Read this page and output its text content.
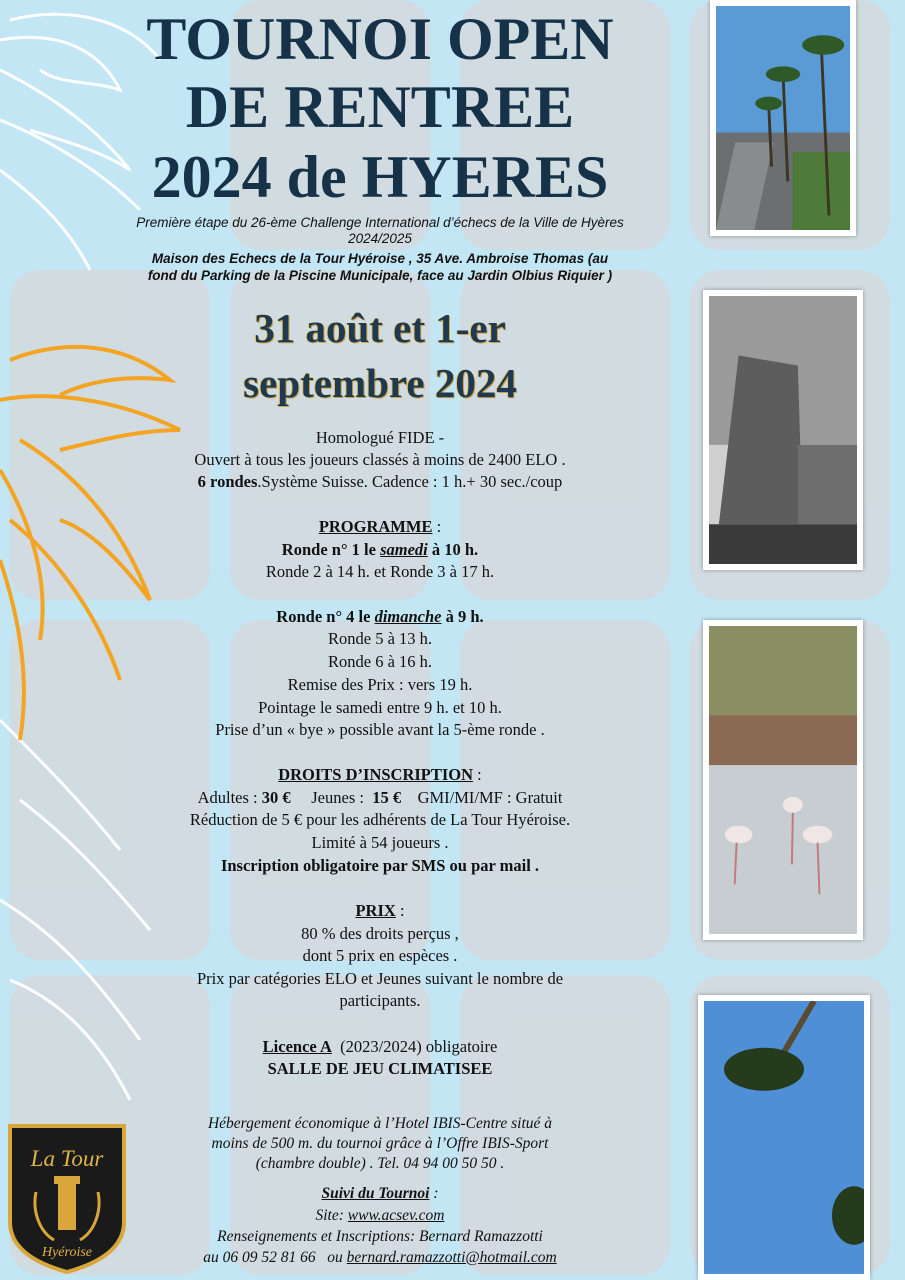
TOURNOI OPEN
DE RENTREE
2024 de HYERES
Première étape du 26-ème Challenge International d’échecs de la Ville de Hyères
2024/2025
Maison des Echecs de la Tour Hyéroise , 35 Ave. Ambroise Thomas (au
fond du Parking de la Piscine Municipale, face au Jardin Olbius Riquier )
31 août et 1-er
septembre 2024
Homologué FIDE -
Ouvert à tous les joueurs classés à moins de 2400 ELO .
6 rondes.Système Suisse. Cadence : 1 h.+ 30 sec./coup
PROGRAMME :
Ronde n° 1 le samedi à 10 h.
Ronde 2 à 14 h. et Ronde 3 à 17 h.
Ronde n° 4 le dimanche à 9 h.
Ronde 5 à 13 h.
Ronde 6 à 16 h.
Remise des Prix : vers 19 h.
Pointage le samedi entre 9 h. et 10 h.
Prise d’un « bye » possible avant la 5-ème ronde .
DROITS D’INSCRIPTION :
Adultes : 30 €     Jeunes :  15 €    GMI/MI/MF : Gratuit
Réduction de 5 € pour les adhérents de La Tour Hyéroise.
Limité à 54 joueurs .
Inscription obligatoire par SMS ou par mail .
PRIX :
80 % des droits perçus ,
dont 5 prix en espèces .
Prix par catégories ELO et Jeunes suivant le nombre de
participants.
Licence A  (2023/2024) obligatoire
SALLE DE JEU CLIMATISEE
Hébergement économique à l’Hotel IBIS-Centre situé à
moins de 500 m. du tournoi grâce à l’Offre IBIS-Sport
(chambre double) . Tel. 04 94 00 50 50 .
Suivi du Tournoi :
Site: www.acsev.com
Renseignements et Inscriptions: Bernard Ramazzotti
au 06 09 52 81 66   ou bernard.ramazzotti@hotmail.com
La Tour
Hyéroise
